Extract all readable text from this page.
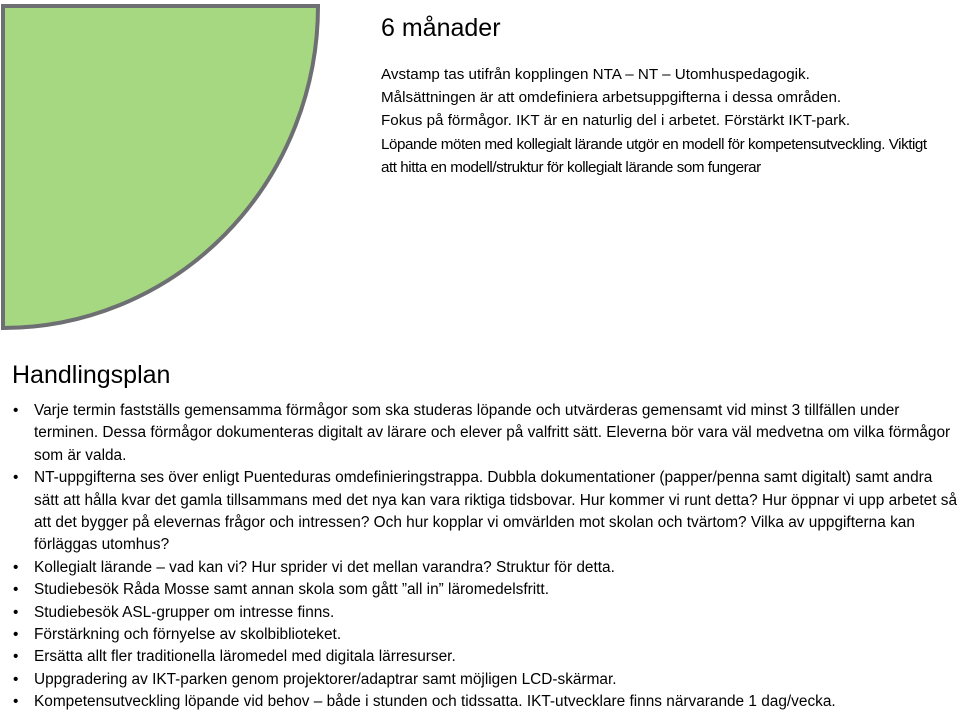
6 månader

Avstamp tas utifrån kopplingen NTA – NT – Utomhuspedagogik.

Målsättningen är att omdefiniera arbetsuppgifterna i dessa områden.

Fokus på förmågor. IKT är en naturlig del i arbetet. Förstärkt IKT-park.

Löpande möten med kollegialt lärande utgör en modell för kompetensutveckling. Viktigt att hitta en modell/struktur för kollegialt lärande som fungerar

Handlingsplan
• Varje termin fastställs gemensamma förmågor som ska studeras löpande och utvärderas gemensamt vid minst 3 tillfällen under terminen. Dessa förmågor dokumenteras digitalt av lärare och elever på valfritt sätt. Eleverna bör vara väl medvetna om vilka förmågor som är valda.
• NT-uppgifterna ses över enligt Puenteduras omdefinieringstrappa. Dubbla dokumentationer (papper/penna samt digitalt) samt andra sätt att hålla kvar det gamla tillsammans med det nya kan vara riktiga tidsbovar. Hur kommer vi runt detta? Hur öppnar vi upp arbetet så att det bygger på elevernas frågor och intressen? Och hur kopplar vi omvärlden mot skolan och tvärtom? Vilka av uppgifterna kan förläggas utomhus?
• Kollegialt lärande – vad kan vi? Hur sprider vi det mellan varandra? Struktur för detta.
• Studiebesök Råda Mosse samt annan skola som gått ”all in” läromedelsfritt.
• Studiebesök ASL-grupper om intresse finns.
• Förstärkning och förnyelse av skolbiblioteket.
• Ersätta allt fler traditionella läromedel med digitala lärresurser.
• Uppgradering av IKT-parken genom projektorer/adaptrar samt möjligen LCD-skärmar.
• Kompetensutveckling löpande vid behov – både i stunden och tidssatta. IKT-utvecklare finns närvarande 1 dag/vecka.
